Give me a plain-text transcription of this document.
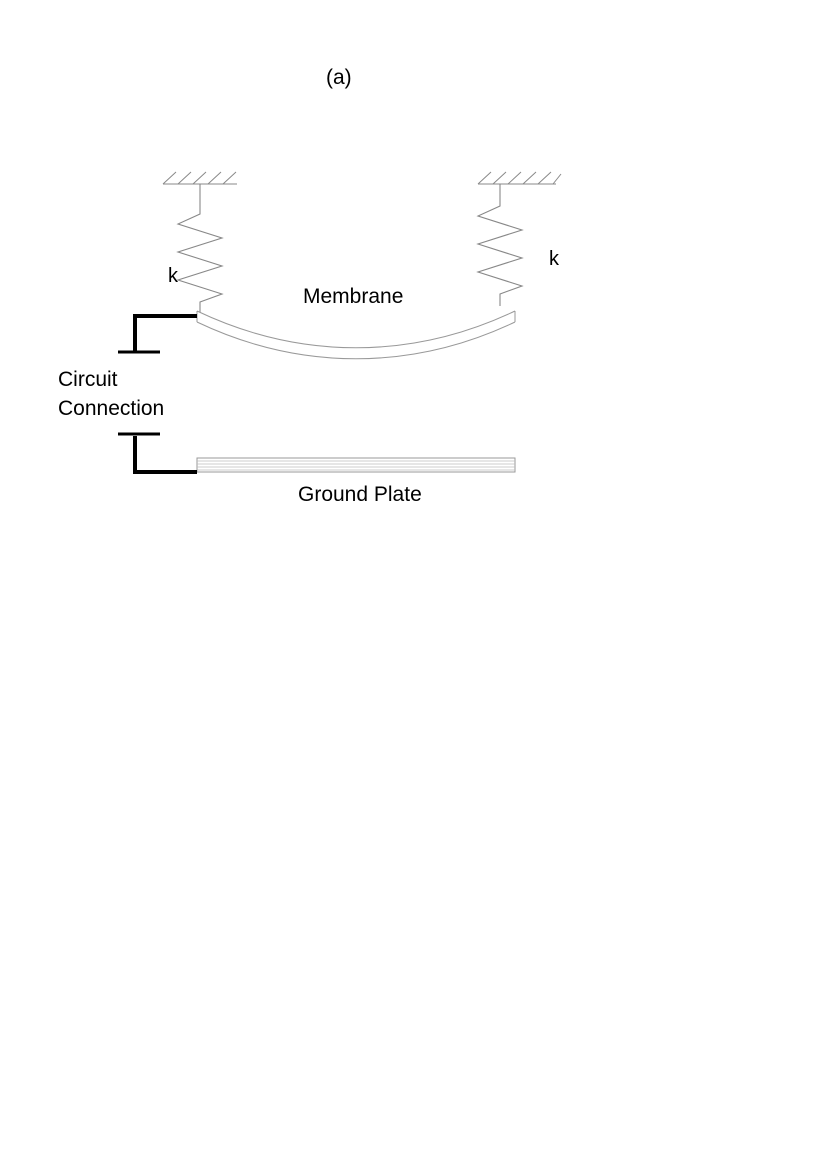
(a)
k
k
Membrane
Ground Plate
Circuit
Connection
